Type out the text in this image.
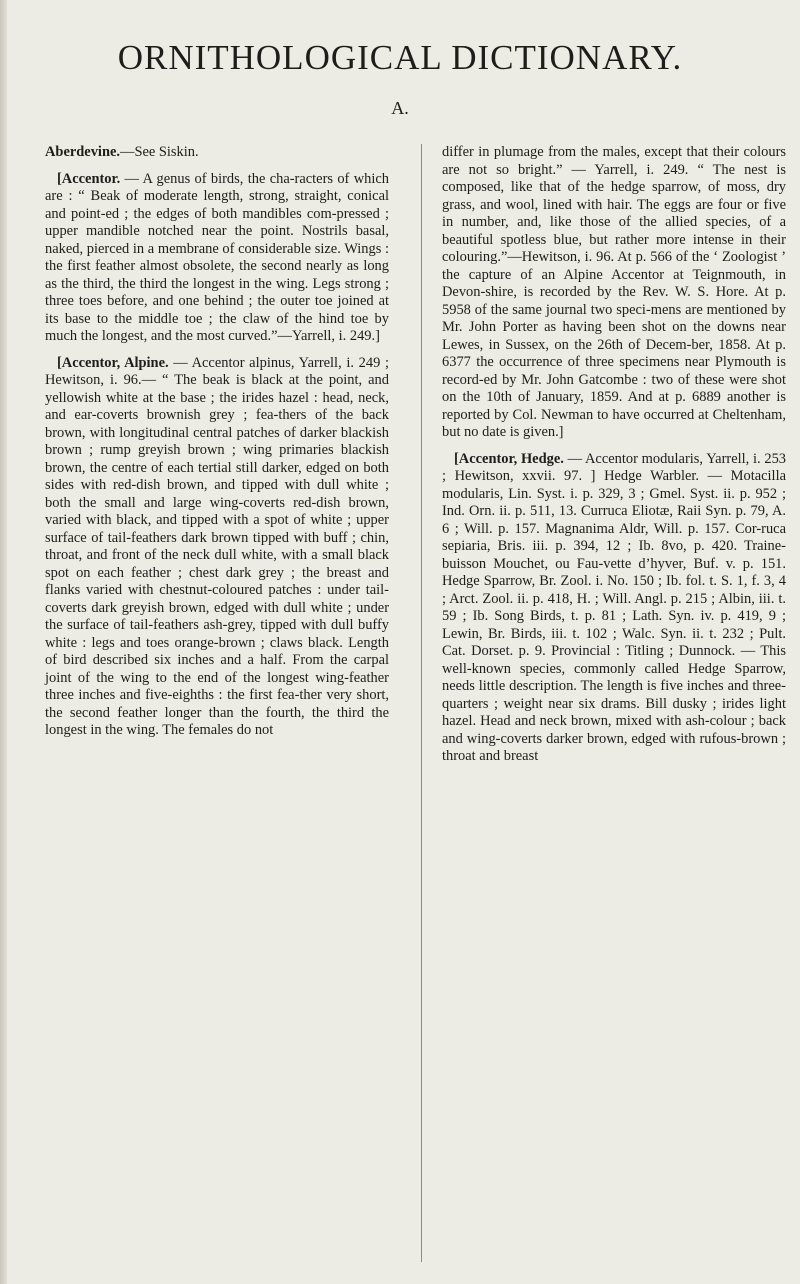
ORNITHOLOGICAL DICTIONARY.
A.

Aberdevine.—See Siskin.

[Accentor. — A genus of birds, the cha-racters of which are : “ Beak of moderate length, strong, straight, conical and point-ed ; the edges of both mandibles com-pressed ; upper mandible notched near the point. Nostrils basal, naked, pierced in a membrane of considerable size. Wings : the first feather almost obsolete, the second nearly as long as the third, the third the longest in the wing. Legs strong ; three toes before, and one behind ; the outer toe joined at its base to the middle toe ; the claw of the hind toe by much the longest, and the most curved.”—Yarrell, i. 249.]

[Accentor, Alpine. — Accentor alpinus, Yarrell, i. 249 ; Hewitson, i. 96.— “ The beak is black at the point, and yellowish white at the base ; the irides hazel : head, neck, and ear-coverts brownish grey ; fea-thers of the back brown, with longitudinal central patches of darker blackish brown ; rump greyish brown ; wing primaries blackish brown, the centre of each tertial still darker, edged on both sides with red-dish brown, and tipped with dull white ; both the small and large wing-coverts red-dish brown, varied with black, and tipped with a spot of white ; upper surface of tail-feathers dark brown tipped with buff ; chin, throat, and front of the neck dull white, with a small black spot on each feather ; chest dark grey ; the breast and flanks varied with chestnut-coloured patches : under tail-coverts dark greyish brown, edged with dull white ; under the surface of tail-feathers ash-grey, tipped with dull buffy white : legs and toes orange-brown ; claws black. Length of bird described six inches and a half. From the carpal joint of the wing to the end of the longest wing-feather three inches and five-eighths : the first fea-ther very short, the second feather longer than the fourth, the third the longest in the wing. The females do not

differ in plumage from the males, except that their colours are not so bright.” — Yarrell, i. 249. “ The nest is composed, like that of the hedge sparrow, of moss, dry grass, and wool, lined with hair. The eggs are four or five in number, and, like those of the allied species, of a beautiful spotless blue, but rather more intense in their colouring.”—Hewitson, i. 96. At p. 566 of the ‘ Zoologist ’ the capture of an Alpine Accentor at Teignmouth, in Devon-shire, is recorded by the Rev. W. S. Hore. At p. 5958 of the same journal two speci-mens are mentioned by Mr. John Porter as having been shot on the downs near Lewes, in Sussex, on the 26th of Decem-ber, 1858. At p. 6377 the occurrence of three specimens near Plymouth is record-ed by Mr. John Gatcombe : two of these were shot on the 10th of January, 1859. And at p. 6889 another is reported by Col. Newman to have occurred at Cheltenham, but no date is given.]

[Accentor, Hedge. — Accentor modularis, Yarrell, i. 253 ; Hewitson, xxvii. 97. ] Hedge Warbler. — Motacilla modularis, Lin. Syst. i. p. 329, 3 ; Gmel. Syst. ii. p. 952 ; Ind. Orn. ii. p. 511, 13. Curruca Eliotæ, Raii Syn. p. 79, A. 6 ; Will. p. 157. Magnanima Aldr, Will. p. 157. Cor-ruca sepiaria, Bris. iii. p. 394, 12 ; Ib. 8vo, p. 420. Traine-buisson Mouchet, ou Fau-vette d’hyver, Buf. v. p. 151. Hedge Sparrow, Br. Zool. i. No. 150 ; Ib. fol. t. S. 1, f. 3, 4 ; Arct. Zool. ii. p. 418, H. ; Will. Angl. p. 215 ; Albin, iii. t. 59 ; Ib. Song Birds, t. p. 81 ; Lath. Syn. iv. p. 419, 9 ; Lewin, Br. Birds, iii. t. 102 ; Walc. Syn. ii. t. 232 ; Pult. Cat. Dorset. p. 9. Provincial : Titling ; Dunnock. — This well-known species, commonly called Hedge Sparrow, needs little description. The length is five inches and three-quarters ; weight near six drams. Bill dusky ; irides light hazel. Head and neck brown, mixed with ash-colour ; back and wing-coverts darker brown, edged with rufous-brown ; throat and breast
